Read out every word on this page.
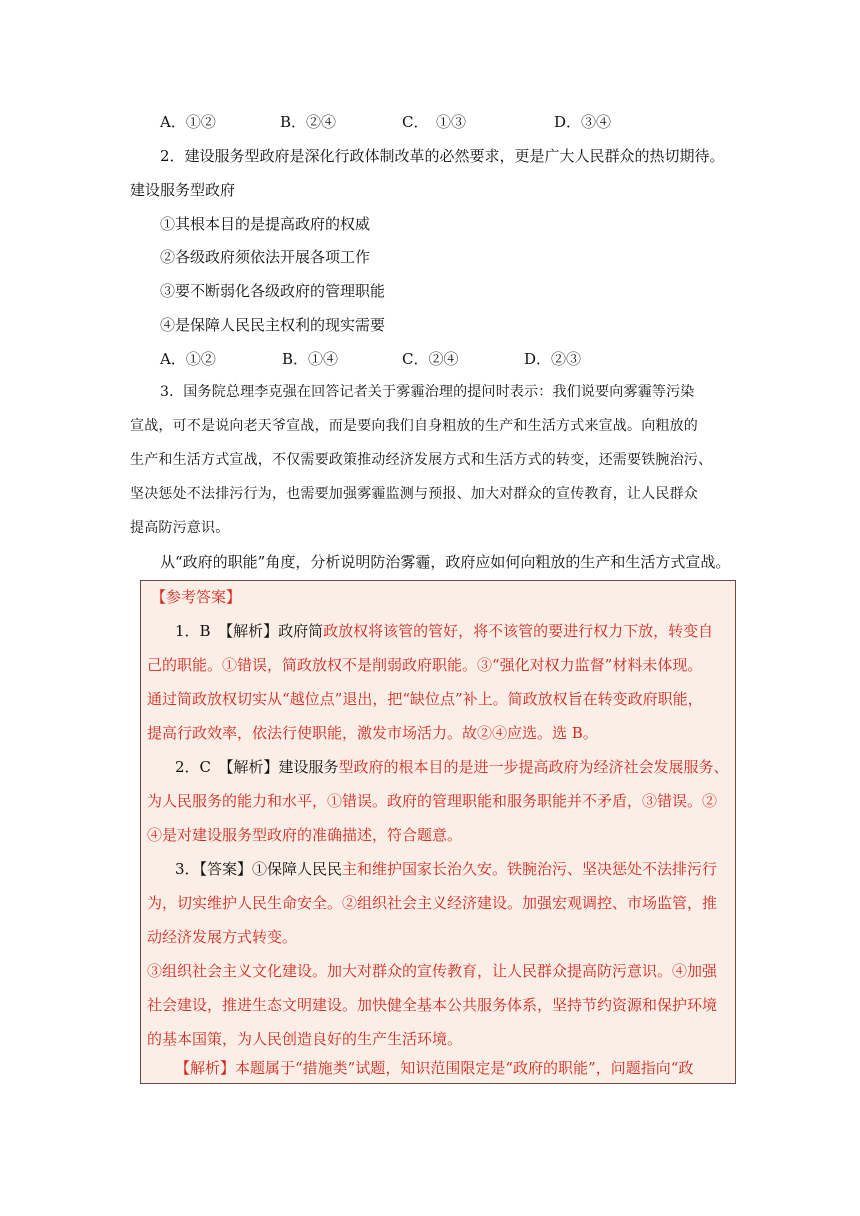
A．①②	B．②④	C．　①③	D．③④
2．建设服务型政府是深化行政体制改革的必然要求，更是广大人民群众的热切期待。
建设服务型政府
①其根本目的是提高政府的权威
②各级政府须依法开展各项工作
③要不断弱化各级政府的管理职能
④是保障人民民主权利的现实需要
A．①②	B．①④	C．②④	D．②③
3．国务院总理李克强在回答记者关于雾霾治理的提问时表示：我们说要向雾霾等污染
宣战，可不是说向老天爷宣战，而是要向我们自身粗放的生产和生活方式来宣战。向粗放的
生产和生活方式宣战，不仅需要政策推动经济发展方式和生活方式的转变，还需要铁腕治污、
坚决惩处不法排污行为，也需要加强雾霾监测与预报、加大对群众的宣传教育，让人民群众
提高防污意识。
从“政府的职能”角度，分析说明防治雾霾，政府应如何向粗放的生产和生活方式宣战。
【参考答案】
1．B　【解析】政府简政放权将该管的管好，将不该管的要进行权力下放，转变自
己的职能。①错误，简政放权不是削弱政府职能。③“强化对权力监督”材料未体现。
通过简政放权切实从“越位点”退出，把“缺位点”补上。简政放权旨在转变政府职能，
提高行政效率，依法行使职能，激发市场活力。故②④应选。选 B。
2．C　【解析】建设服务型政府的根本目的是进一步提高政府为经济社会发展服务、
为人民服务的能力和水平，①错误。政府的管理职能和服务职能并不矛盾，③错误。②
④是对建设服务型政府的准确描述，符合题意。
3．【答案】①保障人民民主和维护国家长治久安。铁腕治污、坚决惩处不法排污行
为，切实维护人民生命安全。②组织社会主义经济建设。加强宏观调控、市场监管，推
动经济发展方式转变。
③组织社会主义文化建设。加大对群众的宣传教育，让人民群众提高防污意识。④加强
社会建设，推进生态文明建设。加快健全基本公共服务体系，坚持节约资源和保护环境
的基本国策，为人民创造良好的生产生活环境。
【解析】本题属于“措施类”试题，知识范围限定是“政府的职能”，问题指向“政
